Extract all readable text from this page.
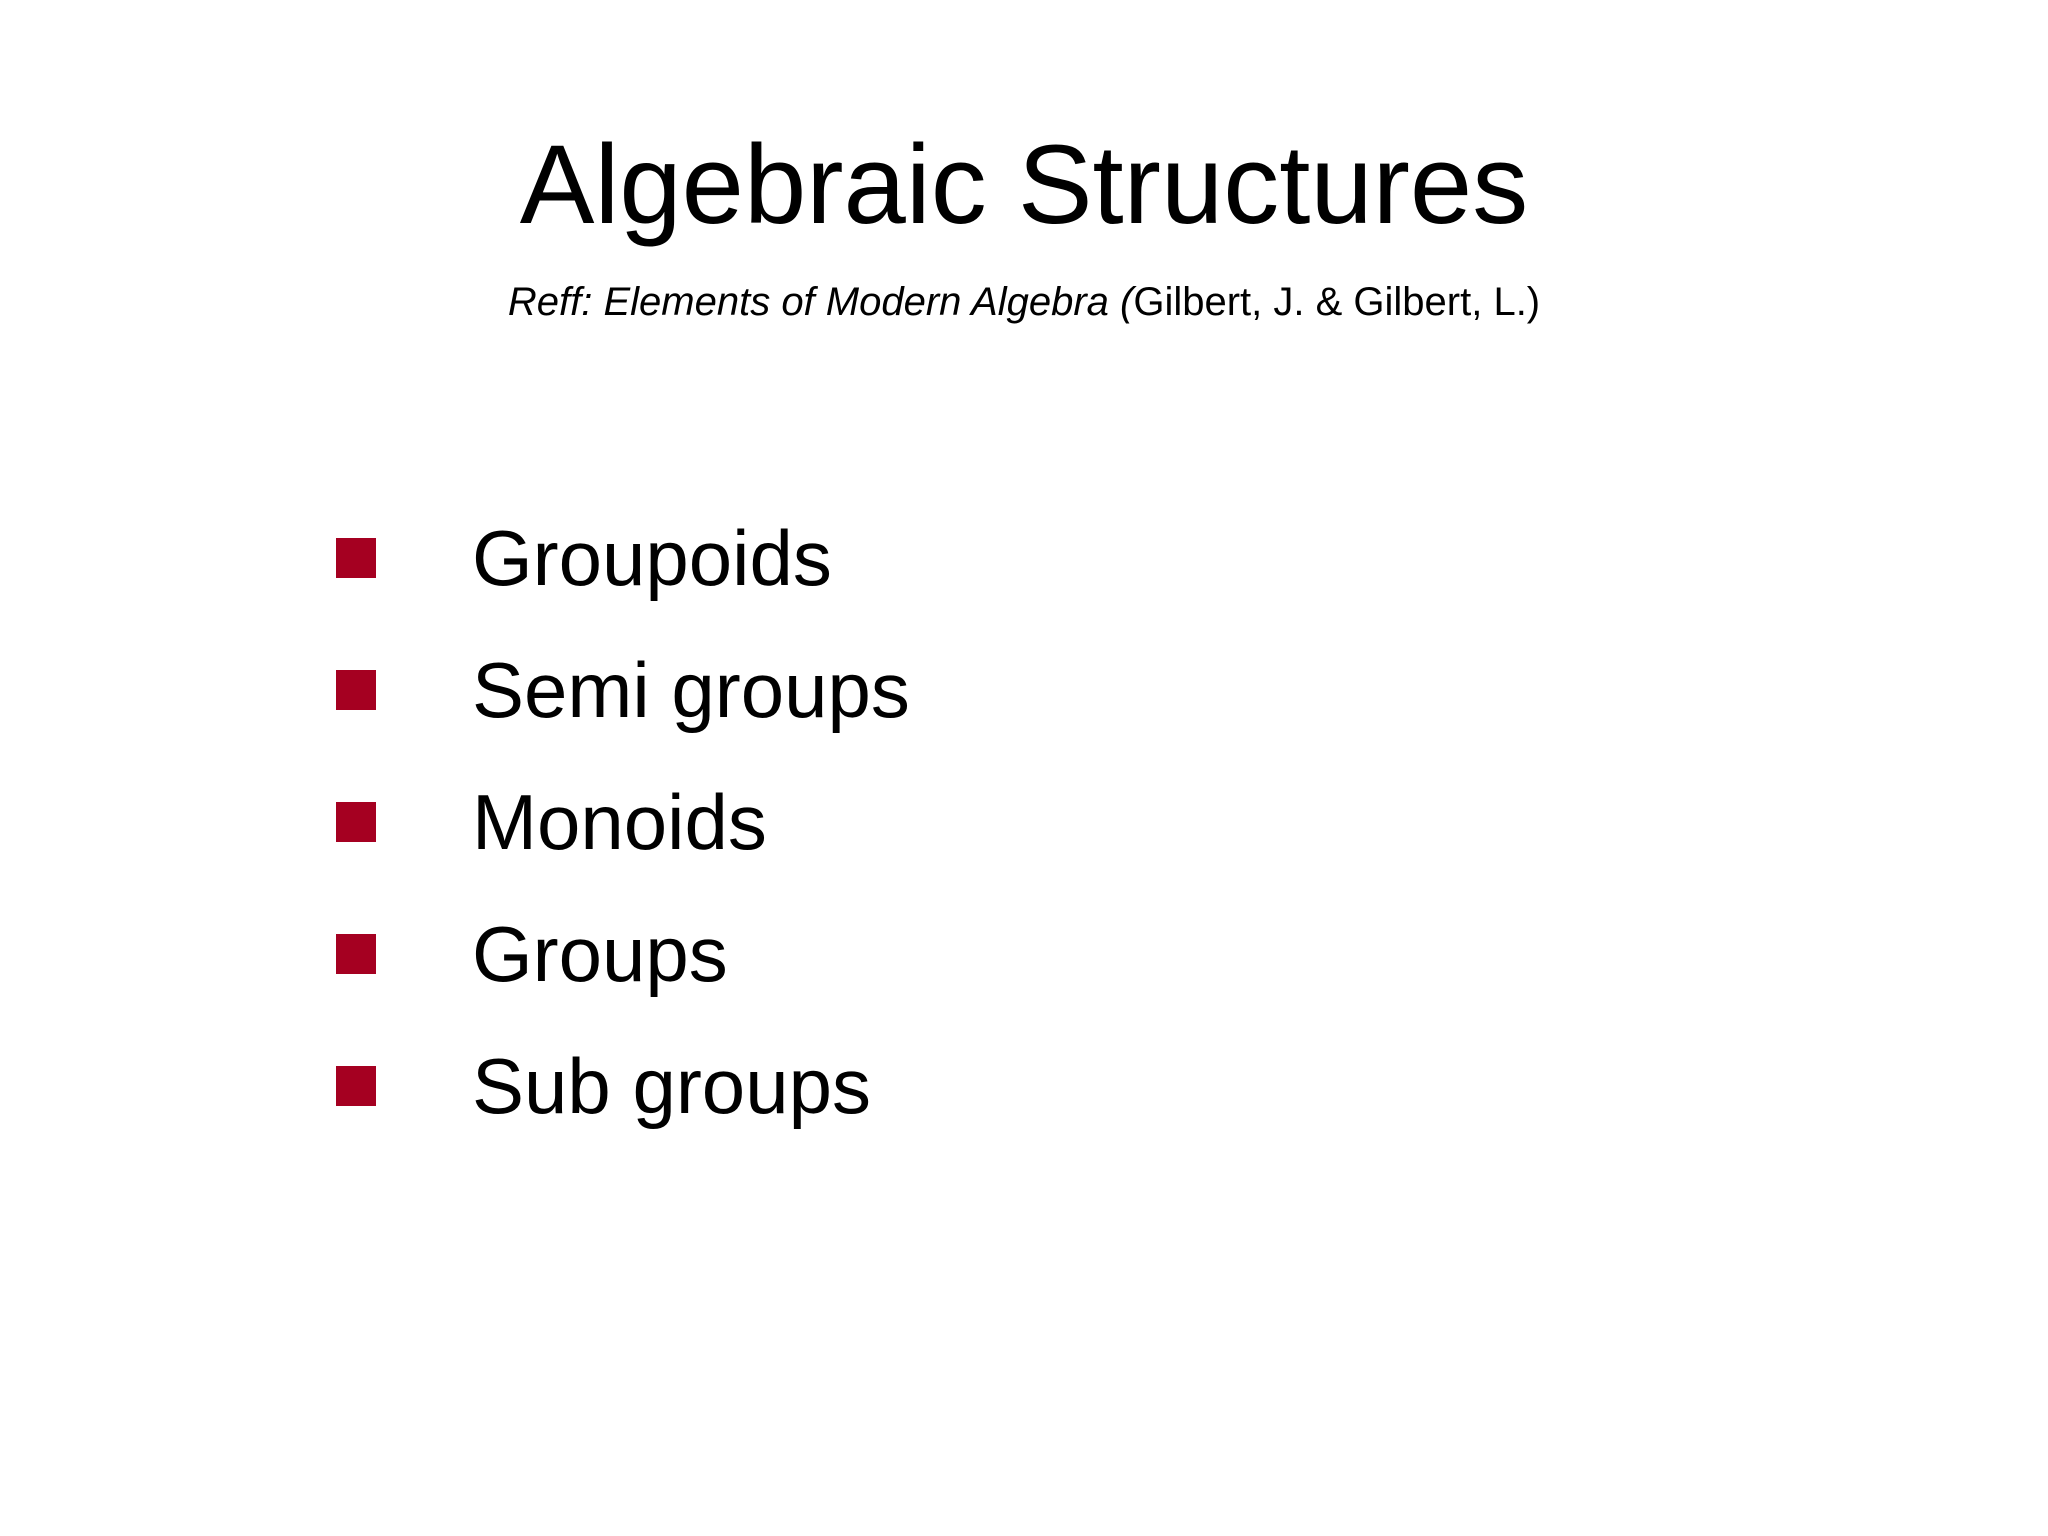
Algebraic Structures
Reff: Elements of Modern Algebra (Gilbert, J. & Gilbert, L.)
Groupoids
Semi groups
Monoids
Groups
Sub groups
